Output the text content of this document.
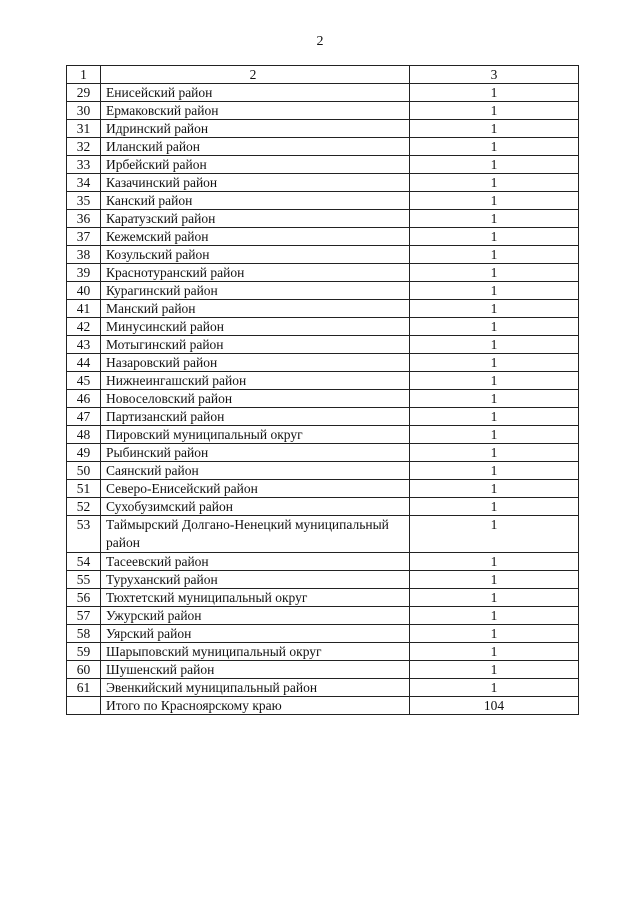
2
1	2	3
29	Енисейский район	1
30	Ермаковский район	1
31	Идринский район	1
32	Иланский район	1
33	Ирбейский район	1
34	Казачинский район	1
35	Канский район	1
36	Каратузский район	1
37	Кежемский район	1
38	Козульский район	1
39	Краснотуранский район	1
40	Курагинский район	1
41	Манский район	1
42	Минусинский район	1
43	Мотыгинский район	1
44	Назаровский район	1
45	Нижнеингашский район	1
46	Новоселовский район	1
47	Партизанский район	1
48	Пировский муниципальный округ	1
49	Рыбинский район	1
50	Саянский район	1
51	Северо-Енисейский район	1
52	Сухобузимский район	1
53	Таймырский Долгано-Ненецкий муниципальный район	1
54	Тасеевский район	1
55	Туруханский район	1
56	Тюхтетский муниципальный округ	1
57	Ужурский район	1
58	Уярский район	1
59	Шарыповский муниципальный округ	1
60	Шушенский район	1
61	Эвенкийский муниципальный район	1
	Итого по Красноярскому краю	104
